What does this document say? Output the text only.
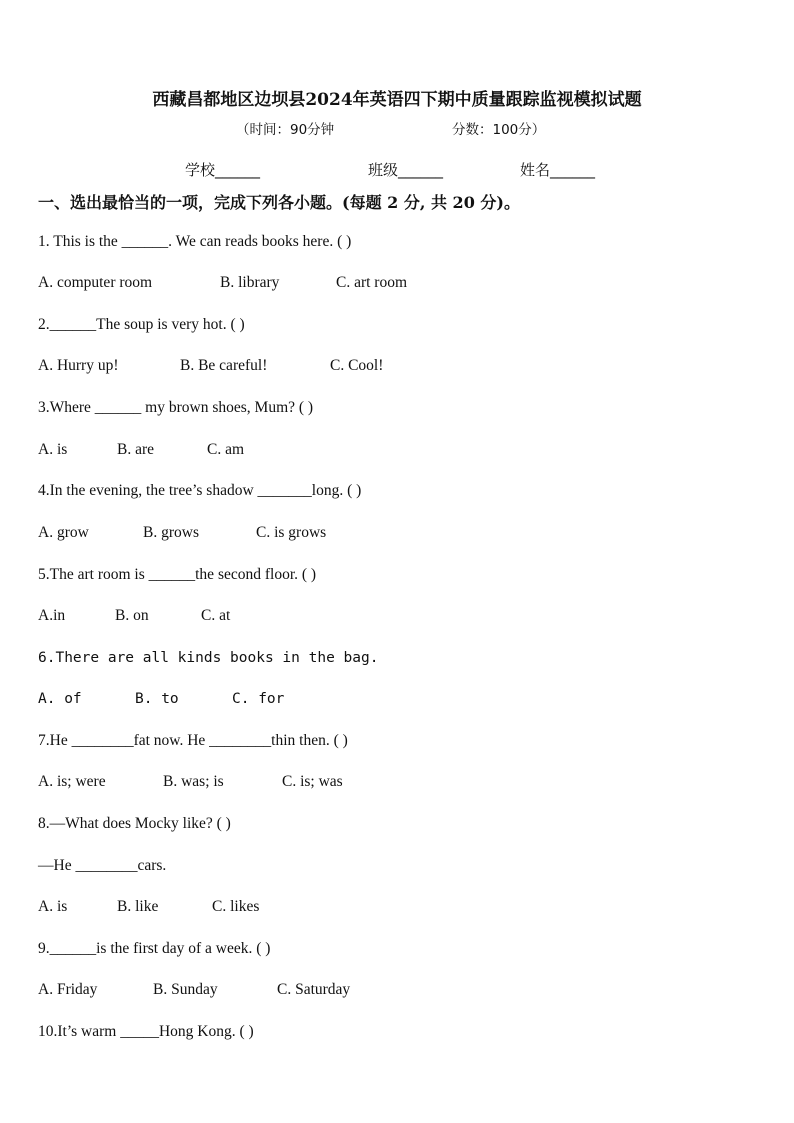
西藏昌都地区边坝县2024年英语四下期中质量跟踪监视模拟试题
（时间：90分钟	分数：100分）
学校______	班级______	姓名______
一、选出最恰当的一项，完成下列各小题。(每题 2 分, 共 20 分)。
1. This is the ______. We can reads books here. ( )
A. computer room	B. library	C. art room
2.______The soup is very hot. ( )
A. Hurry up!	B. Be careful!	C. Cool!
3.Where ______ my brown shoes, Mum? ( )
A. is	B. are	C. am
4.In the evening, the tree’s shadow _______long. ( )
A. grow	B. grows	C. is grows
5.The art room is ______the second floor. ( )
A.in	B. on	C. at
6.There are all kinds books in the bag.
A. of	B. to	C. for
7.He ________fat now. He ________thin then. ( )
A. is; were	B. was; is	C. is; was
8.—What does Mocky like? ( )
—He ________cars.
A. is	B. like	C. likes
9.______is the first day of a week. ( )
A. Friday	B. Sunday	C. Saturday
10.It’s warm _____Hong Kong. ( )
